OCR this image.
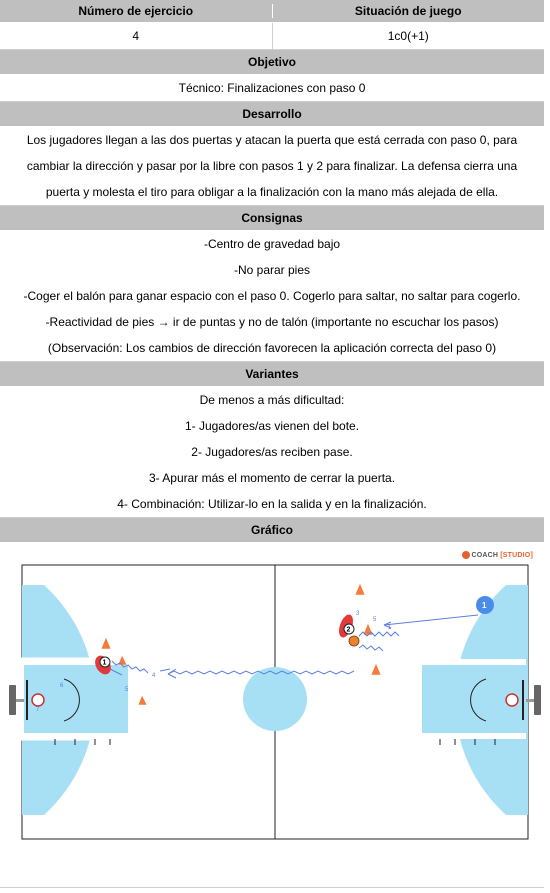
Número de ejercicio	Situación de juego
4	1c0(+1)
Objetivo
Técnico: Finalizaciones con paso 0
Desarrollo
Los jugadores llegan a las dos puertas y atacan la puerta que está cerrada con paso 0, para
cambiar la dirección y pasar por la libre con pasos 1 y 2 para finalizar. La defensa cierra una
puerta y molesta el tiro para obligar a la finalización con la mano más alejada de ella.
Consignas
-Centro de gravedad bajo
-No parar pies
-Coger el balón para ganar espacio con el paso 0. Cogerlo para saltar, no saltar para cogerlo.
-Reactividad de pies → ir de puntas y no de talón (importante no escuchar los pasos)
(Observación: Los cambios de dirección favorecen la aplicación correcta del paso 0)
Variantes
De menos a más dificultad:
1- Jugadores/as vienen del bote.
2- Jugadores/as reciben pase.
3- Apurar más el momento de cerrar la puerta.
4- Combinación: Utilizar-lo en la salida y en la finalización.
Gráfico
6
7
4
5
3
5
1
1
2
1
COACH [STUDIO]
